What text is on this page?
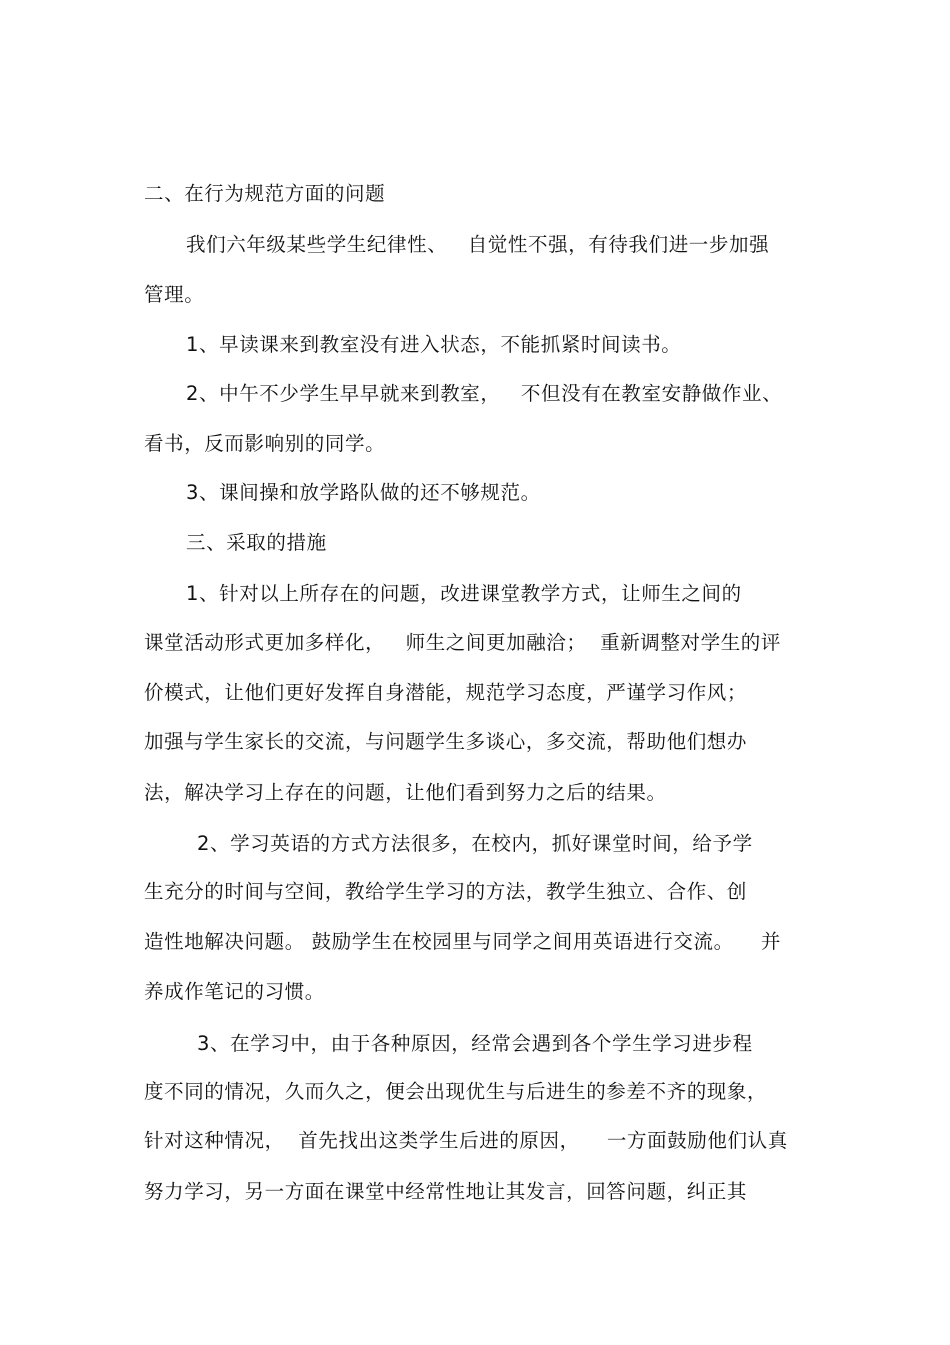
二、在行为规范方面的问题
我们六年级某些学生纪律性、   自觉性不强，有待我们进一步加强
管理。
1、早读课来到教室没有进入状态，不能抓紧时间读书。
2、中午不少学生早早就来到教室，   不但没有在教室安静做作业、
看书，反而影响别的同学。
3、课间操和放学路队做的还不够规范。
三、采取的措施
1、针对以上所存在的问题，改进课堂教学方式，让师生之间的
课堂活动形式更加多样化，   师生之间更加融洽；  重新调整对学生的评
价模式，让他们更好发挥自身潜能，规范学习态度，严谨学习作风；
加强与学生家长的交流，与问题学生多谈心，多交流，帮助他们想办
法，解决学习上存在的问题，让他们看到努力之后的结果。
2、学习英语的方式方法很多，在校内，抓好课堂时间，给予学
生充分的时间与空间，教给学生学习的方法，教学生独立、合作、创
造性地解决问题。 鼓励学生在校园里与同学之间用英语进行交流。    并
养成作笔记的习惯。
3、在学习中，由于各种原因，经常会遇到各个学生学习进步程
度不同的情况，久而久之，便会出现优生与后进生的参差不齐的现象，
针对这种情况，  首先找出这类学生后进的原因，    一方面鼓励他们认真
努力学习，另一方面在课堂中经常性地让其发言，回答问题，纠正其
